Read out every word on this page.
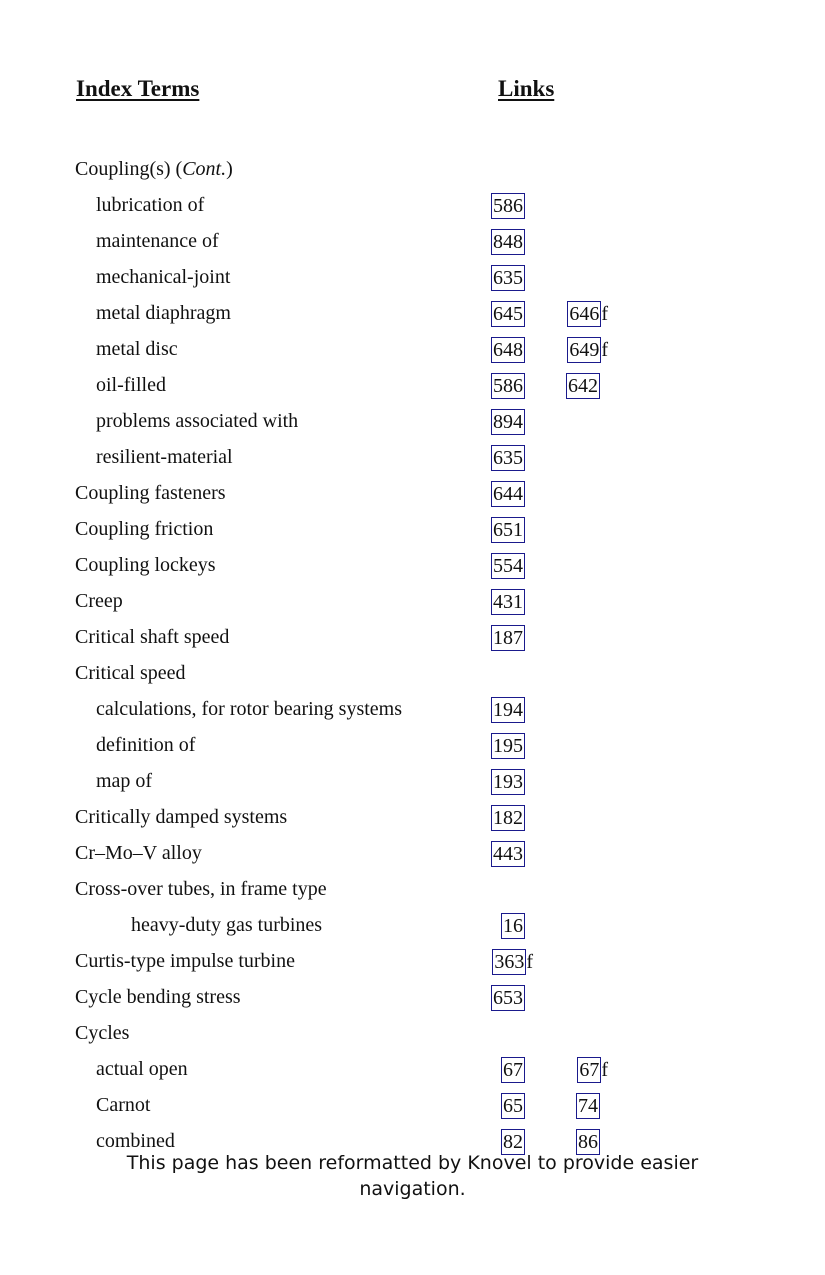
Index Terms	Links
Coupling(s) (Cont.)
lubrication of	586
maintenance of	848
mechanical-joint	635
metal diaphragm	645 646 f
metal disc	648 649 f
oil-filled	586 642
problems associated with	894
resilient-material	635
Coupling fasteners	644
Coupling friction	651
Coupling lockeys	554
Creep	431
Critical shaft speed	187
Critical speed
calculations, for rotor bearing systems	194
definition of	195
map of	193
Critically damped systems	182
Cr–Mo–V alloy	443
Cross-over tubes, in frame type
heavy-duty gas turbines	16
Curtis-type impulse turbine	363 f
Cycle bending stress	653
Cycles
actual open	67	67 f
Carnot	65	74
combined	82	86
This page has been reformatted by Knovel to provide easier
navigation.
